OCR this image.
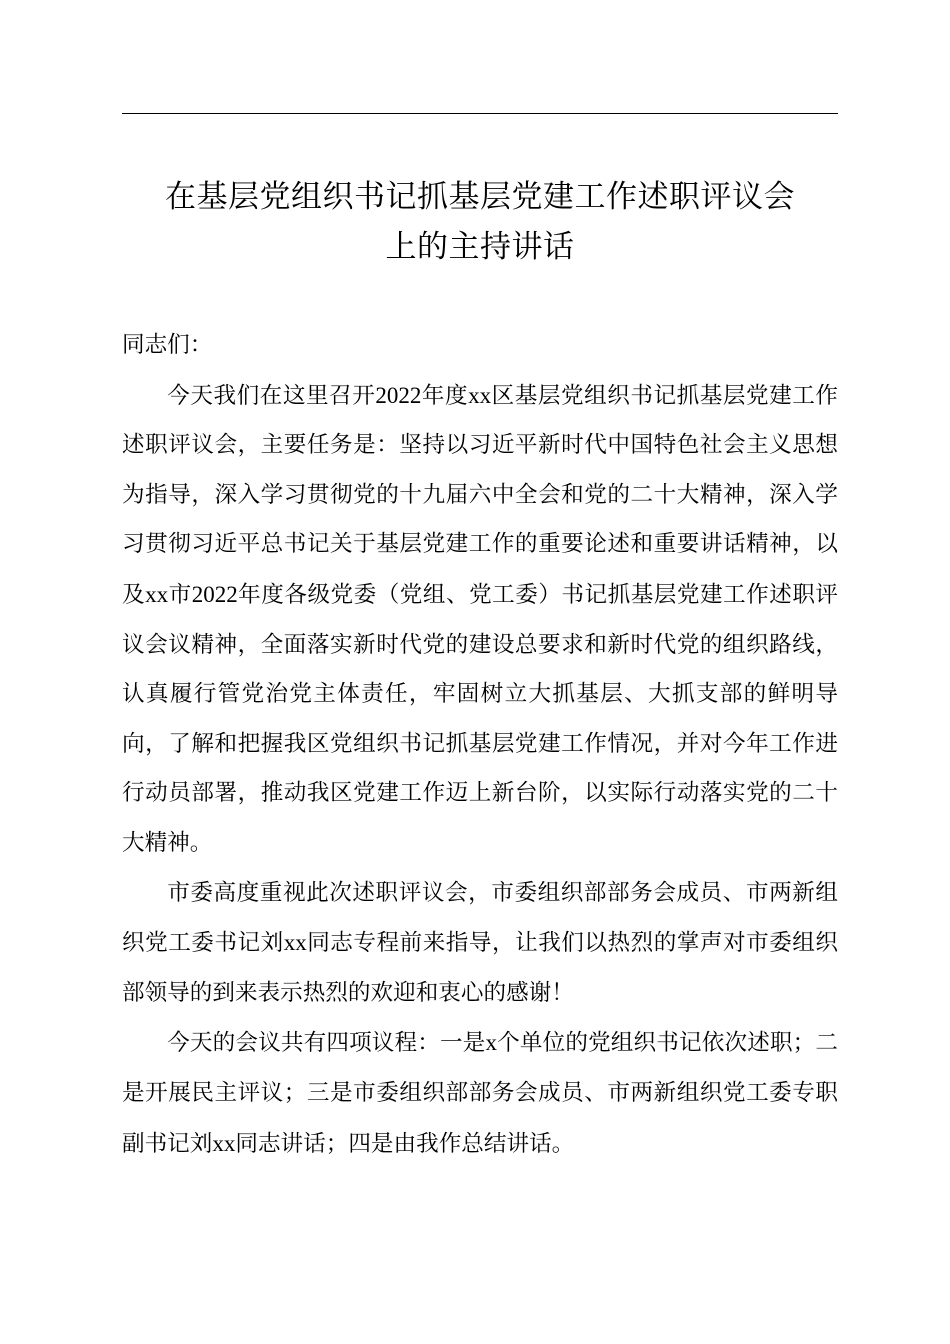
在基层党组织书记抓基层党建工作述职评议会
上的主持讲话

同志们：

今天我们在这里召开2022年度xx区基层党组织书记抓基层党建工作述职评议会，主要任务是：坚持以习近平新时代中国特色社会主义思想为指导，深入学习贯彻党的十九届六中全会和党的二十大精神，深入学习贯彻习近平总书记关于基层党建工作的重要论述和重要讲话精神，以及xx市2022年度各级党委（党组、党工委）书记抓基层党建工作述职评议会议精神，全面落实新时代党的建设总要求和新时代党的组织路线，认真履行管党治党主体责任，牢固树立大抓基层、大抓支部的鲜明导向，了解和把握我区党组织书记抓基层党建工作情况，并对今年工作进行动员部署，推动我区党建工作迈上新台阶，以实际行动落实党的二十大精神。

市委高度重视此次述职评议会，市委组织部部务会成员、市两新组织党工委书记刘xx同志专程前来指导，让我们以热烈的掌声对市委组织部领导的到来表示热烈的欢迎和衷心的感谢！

今天的会议共有四项议程：一是x个单位的党组织书记依次述职；二是开展民主评议；三是市委组织部部务会成员、市两新组织党工委专职副书记刘xx同志讲话；四是由我作总结讲话。
